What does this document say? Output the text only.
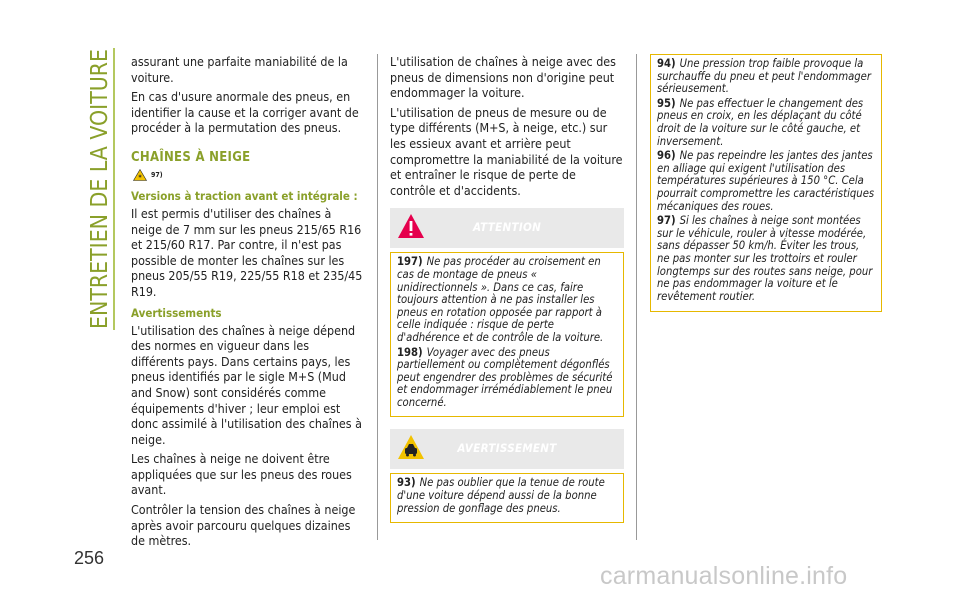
ENTRETIEN DE LA VOITURE
256

assurant une parfaite maniabilité de la voiture.

En cas d'usure anormale des pneus, en identifier la cause et la corriger avant de procéder à la permutation des pneus.

CHAÎNES À NEIGE
* 97)
Versions à traction avant et intégrale :

Il est permis d'utiliser des chaînes à neige de 7 mm sur les pneus 215/65 R16 et 215/60 R17. Par contre, il n'est pas possible de monter les chaînes sur les pneus 205/55 R19, 225/55 R18 et 235/45 R19.

Avertissements

L'utilisation des chaînes à neige dépend des normes en vigueur dans les différents pays. Dans certains pays, les pneus identifiés par le sigle M+S (Mud and Snow) sont considérés comme équipements d'hiver ; leur emploi est donc assimilé à l'utilisation des chaînes à neige.

Les chaînes à neige ne doivent être appliquées que sur les pneus des roues avant.

Contrôler la tension des chaînes à neige après avoir parcouru quelques dizaines de mètres.

L'utilisation de chaînes à neige avec des pneus de dimensions non d'origine peut endommager la voiture.

L'utilisation de pneus de mesure ou de type différents (M+S, à neige, etc.) sur les essieux avant et arrière peut compromettre la maniabilité de la voiture et entraîner le risque de perte de contrôle et d'accidents.

ATTENTION

197) Ne pas procéder au croisement en cas de montage de pneus « unidirectionnels ». Dans ce cas, faire toujours attention à ne pas installer les pneus en rotation opposée par rapport à celle indiquée : risque de perte d'adhérence et de contrôle de la voiture.

198) Voyager avec des pneus partiellement ou complètement dégonflés peut engendrer des problèmes de sécurité et endommager irrémédiablement le pneu concerné.

AVERTISSEMENT

93) Ne pas oublier que la tenue de route d'une voiture dépend aussi de la bonne pression de gonflage des pneus.

94) Une pression trop faible provoque la surchauffe du pneu et peut l'endommager sérieusement.

95) Ne pas effectuer le changement des pneus en croix, en les déplaçant du côté droit de la voiture sur le côté gauche, et inversement.

96) Ne pas repeindre les jantes des jantes en alliage qui exigent l'utilisation des températures supérieures à 150 °C. Cela pourrait compromettre les caractéristiques mécaniques des roues.

97) Si les chaînes à neige sont montées sur le véhicule, rouler à vitesse modérée, sans dépasser 50 km/h. Éviter les trous, ne pas monter sur les trottoirs et rouler longtemps sur des routes sans neige, pour ne pas endommager la voiture et le revêtement routier.

carmanualsonline.info
